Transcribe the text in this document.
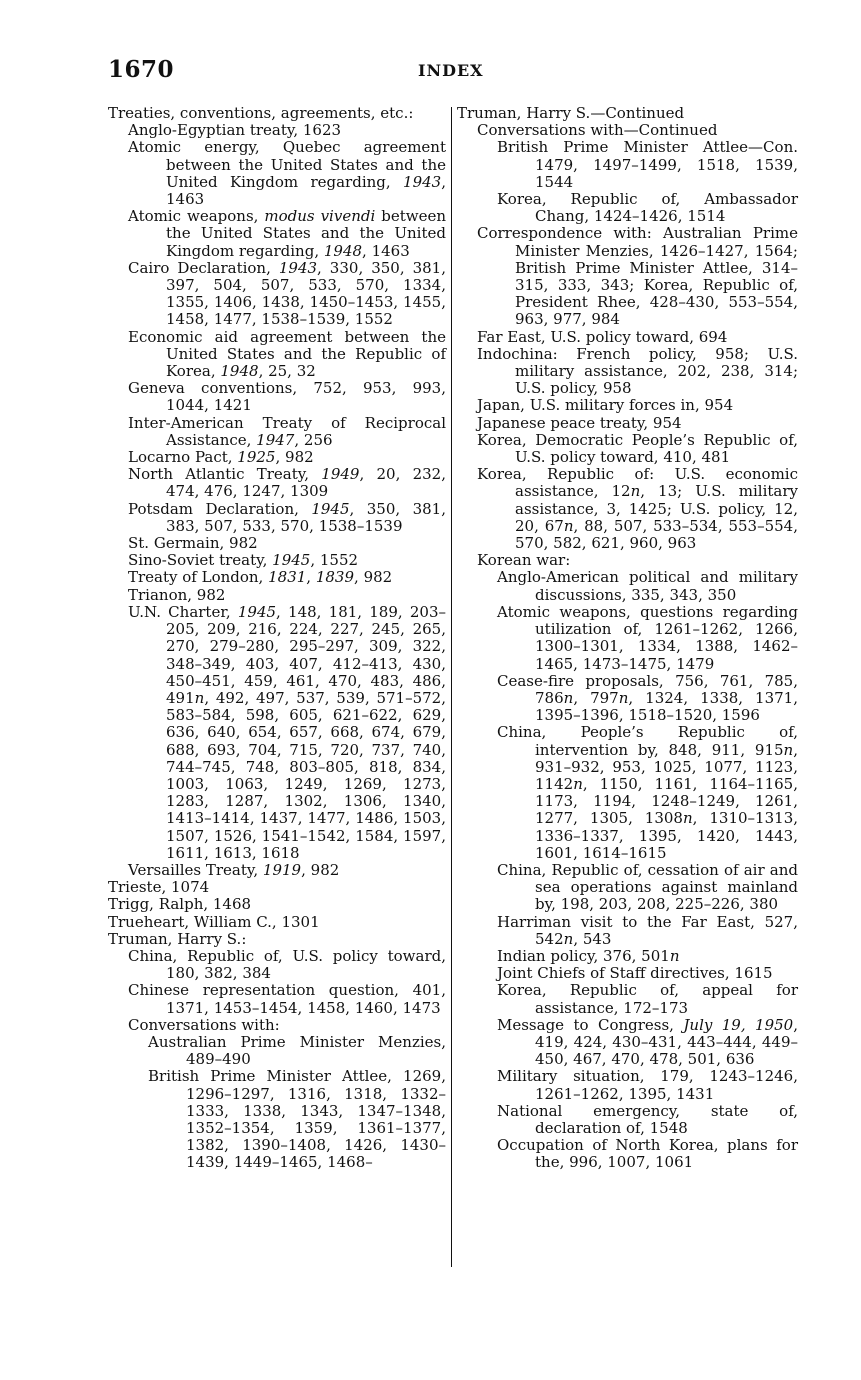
1670	INDEX
Treaties, conventions, agreements, etc.:
Anglo-Egyptian treaty, 1623
Atomic energy, Quebec agreement between the United States and the United Kingdom regarding, 1943, 1463
Atomic weapons, modus vivendi between the United States and the United Kingdom regarding, 1948, 1463
Cairo Declaration, 1943, 330, 350, 381, 397, 504, 507, 533, 570, 1334, 1355, 1406, 1438, 1450–1453, 1455, 1458, 1477, 1538–1539, 1552
Economic aid agreement between the United States and the Republic of Korea, 1948, 25, 32
Geneva conventions, 752, 953, 993, 1044, 1421
Inter-American Treaty of Reciprocal Assistance, 1947, 256
Locarno Pact, 1925, 982
North Atlantic Treaty, 1949, 20, 232, 474, 476, 1247, 1309
Potsdam Declaration, 1945, 350, 381, 383, 507, 533, 570, 1538–1539
St. Germain, 982
Sino-Soviet treaty, 1945, 1552
Treaty of London, 1831, 1839, 982
Trianon, 982
U.N. Charter, 1945, 148, 181, 189, 203–205, 209, 216, 224, 227, 245, 265, 270, 279–280, 295–297, 309, 322, 348–349, 403, 407, 412–413, 430, 450–451, 459, 461, 470, 483, 486, 491n, 492, 497, 537, 539, 571–572, 583–584, 598, 605, 621–622, 629, 636, 640, 654, 657, 668, 674, 679, 688, 693, 704, 715, 720, 737, 740, 744–745, 748, 803–805, 818, 834, 1003, 1063, 1249, 1269, 1273, 1283, 1287, 1302, 1306, 1340, 1413–1414, 1437, 1477, 1486, 1503, 1507, 1526, 1541–1542, 1584, 1597, 1611, 1613, 1618
Versailles Treaty, 1919, 982
Trieste, 1074
Trigg, Ralph, 1468
Trueheart, William C., 1301
Truman, Harry S.:
China, Republic of, U.S. policy toward, 180, 382, 384
Chinese representation question, 401, 1371, 1453–1454, 1458, 1460, 1473
Conversations with:
Australian Prime Minister Menzies, 489–490
British Prime Minister Attlee, 1269, 1296–1297, 1316, 1318, 1332–1333, 1338, 1343, 1347–1348, 1352–1354, 1359, 1361–1377, 1382, 1390–1408, 1426, 1430–1439, 1449–1465, 1468–
Truman, Harry S.—Continued
Conversations with—Continued
British Prime Minister Attlee—Con. 1479, 1497–1499, 1518, 1539, 1544
Korea, Republic of, Ambassador Chang, 1424–1426, 1514
Correspondence with: Australian Prime Minister Menzies, 1426–1427, 1564; British Prime Minister Attlee, 314–315, 333, 343; Korea, Republic of, President Rhee, 428–430, 553–554, 963, 977, 984
Far East, U.S. policy toward, 694
Indochina: French policy, 958; U.S. military assistance, 202, 238, 314; U.S. policy, 958
Japan, U.S. military forces in, 954
Japanese peace treaty, 954
Korea, Democratic People’s Republic of, U.S. policy toward, 410, 481
Korea, Republic of: U.S. economic assistance, 12n, 13; U.S. military assistance, 3, 1425; U.S. policy, 12, 20, 67n, 88, 507, 533–534, 553–554, 570, 582, 621, 960, 963
Korean war:
Anglo-American political and military discussions, 335, 343, 350
Atomic weapons, questions regarding utilization of, 1261–1262, 1266, 1300–1301, 1334, 1388, 1462–1465, 1473–1475, 1479
Cease-fire proposals, 756, 761, 785, 786n, 797n, 1324, 1338, 1371, 1395–1396, 1518–1520, 1596
China, People’s Republic of, intervention by, 848, 911, 915n, 931–932, 953, 1025, 1077, 1123, 1142n, 1150, 1161, 1164–1165, 1173, 1194, 1248–1249, 1261, 1277, 1305, 1308n, 1310–1313, 1336–1337, 1395, 1420, 1443, 1601, 1614–1615
China, Republic of, cessation of air and sea operations against mainland by, 198, 203, 208, 225–226, 380
Harriman visit to the Far East, 527, 542n, 543
Indian policy, 376, 501n
Joint Chiefs of Staff directives, 1615
Korea, Republic of, appeal for assistance, 172–173
Message to Congress, July 19, 1950, 419, 424, 430–431, 443–444, 449–450, 467, 470, 478, 501, 636
Military situation, 179, 1243–1246, 1261–1262, 1395, 1431
National emergency, state of, declaration of, 1548
Occupation of North Korea, plans for the, 996, 1007, 1061
